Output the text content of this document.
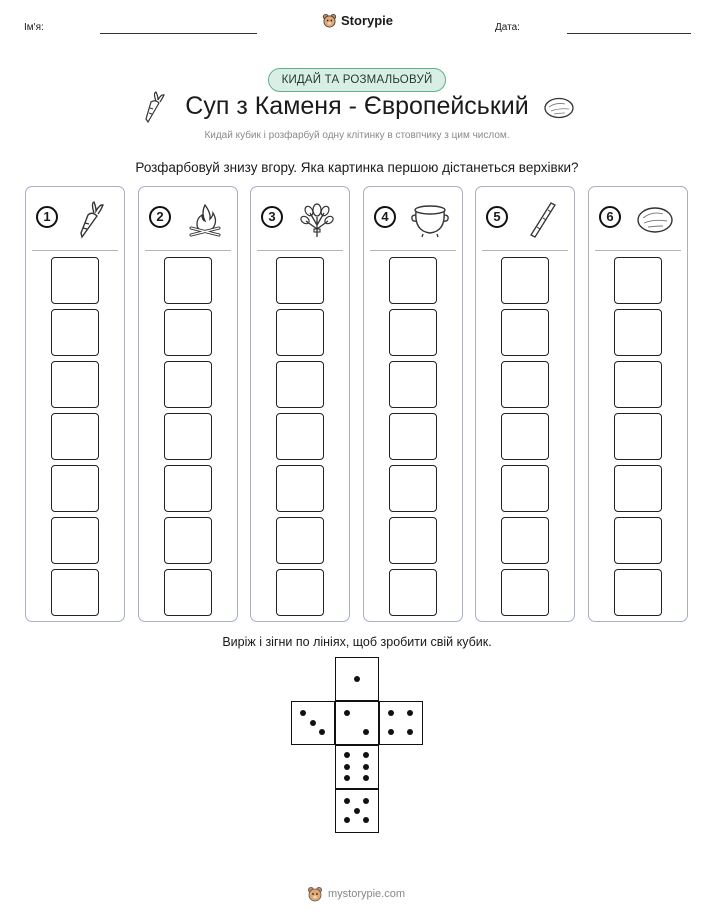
Ім'я:	Storypie	Дата:
КИДАЙ ТА РОЗМАЛЬОВУЙ
Суп з Каменя - Європейський
Кидай кубик і розфарбуй одну клітинку в стовпчику з цим числом.
Розфарбовуй знизу вгору. Яка картинка першою дістанеться верхівки?
1	2	3	4	5	6
Виріж і зігни по лініях, щоб зробити свій кубик.
mystorypie.com
